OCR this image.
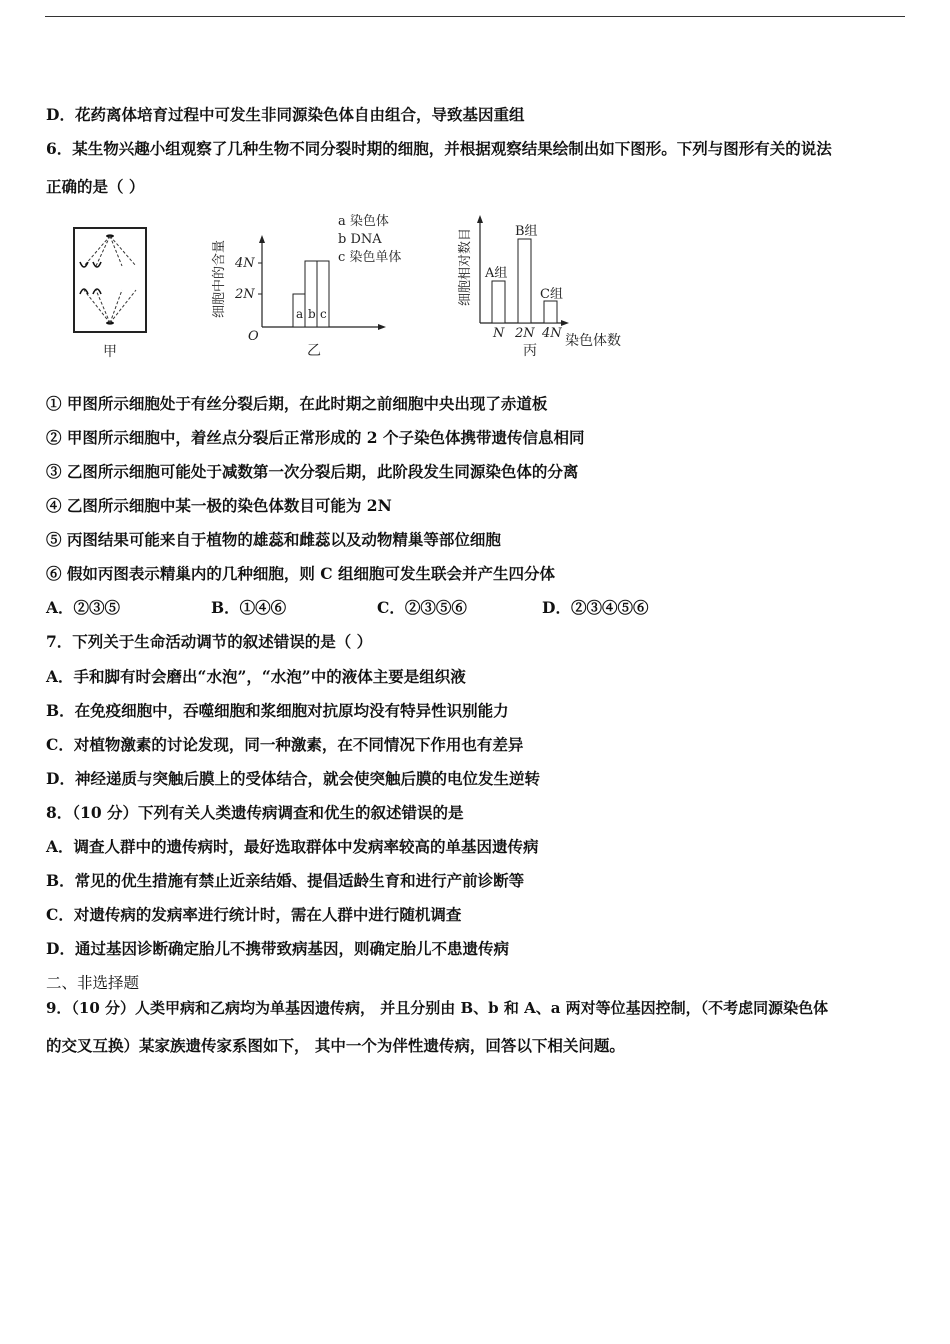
D．花药离体培育过程中可发生非同源染色体自由组合，导致基因重组
6．某生物兴趣小组观察了几种生物不同分裂时期的细胞，并根据观察结果绘制出如下图形。下列与图形有关的说法
正确的是（ ）
甲
细胞中的含量
O
4N
2N
a b c
a 染色体
b DNA
c 染色单体
乙
细胞相对数目 A组
B组
C组
N 2N 4N 染色体数
丙
① 甲图所示细胞处于有丝分裂后期，在此时期之前细胞中央出现了赤道板
② 甲图所示细胞中，着丝点分裂后正常形成的 2 个子染色体携带遗传信息相同
③ 乙图所示细胞可能处于减数第一次分裂后期，此阶段发生同源染色体的分离
④ 乙图所示细胞中某一极的染色体数目可能为 2N
⑤ 丙图结果可能来自于植物的雄蕊和雌蕊以及动物精巢等部位细胞
⑥ 假如丙图表示精巢内的几种细胞，则 C 组细胞可发生联会并产生四分体
A．②③⑤	B．①④⑥	C．②③⑤⑥	D．②③④⑤⑥
7．下列关于生命活动调节的叙述错误的是（ ）
A．手和脚有时会磨出“水泡”，“水泡”中的液体主要是组织液
B．在免疫细胞中，吞噬细胞和浆细胞对抗原均没有特异性识别能力
C．对植物激素的讨论发现，同一种激素，在不同情况下作用也有差异
D．神经递质与突触后膜上的受体结合，就会使突触后膜的电位发生逆转
8．（10 分）下列有关人类遗传病调查和优生的叙述错误的是
A．调查人群中的遗传病时，最好选取群体中发病率较高的单基因遗传病
B．常见的优生措施有禁止近亲结婚、提倡适龄生育和进行产前诊断等
C．对遗传病的发病率进行统计时，需在人群中进行随机调查
D．通过基因诊断确定胎儿不携带致病基因，则确定胎儿不患遗传病
二、非选择题
9．（10 分）人类甲病和乙病均为单基因遗传病， 并且分别由 B、b 和 A、a 两对等位基因控制，（不考虑同源染色体
的交叉互换）某家族遗传家系图如下， 其中一个为伴性遗传病，回答以下相关问题。
